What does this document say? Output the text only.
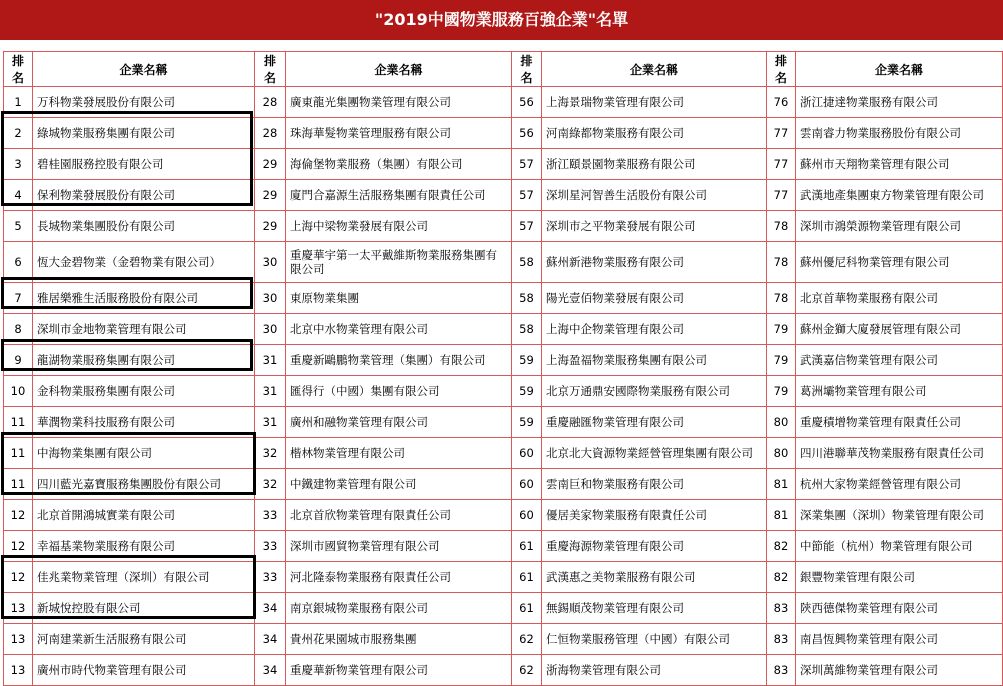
"2019中國物業服務百強企業"名單
排名	企業名稱	排名	企業名稱	排名	企業名稱	排名	企業名稱
1	万科物業發展股份有限公司	28	廣東龍光集團物業管理有限公司	56	上海景瑞物業管理有限公司	76	浙江捷達物業服務有限公司
2	綠城物業服務集團有限公司	28	珠海華髮物業管理服務有限公司	56	河南綠都物業服務有限公司	77	雲南睿力物業服務股份有限公司
3	碧桂園服務控股有限公司	29	海倫堡物業服務（集團）有限公司	57	浙江頤景園物業服務有限公司	77	蘇州市天翔物業管理有限公司
4	保利物業發展股份有限公司	29	廈門合嘉源生活服務集團有限責任公司	57	深圳星河智善生活股份有限公司	77	武漢地產集團東方物業管理有限公司
5	長城物業集團股份有限公司	29	上海中梁物業發展有限公司	57	深圳市之平物業發展有限公司	78	深圳市鴻榮源物業管理有限公司
6	恆大金碧物業（金碧物業有限公司）	30	重慶華宇第一太平戴維斯物業服務集團有限公司	58	蘇州新港物業服務有限公司	78	蘇州優尼科物業管理有限公司
7	雅居樂雅生活服務股份有限公司	30	東原物業集團	58	陽光壹佰物業發展有限公司	78	北京首華物業服務有限公司
8	深圳市金地物業管理有限公司	30	北京中水物業管理有限公司	58	上海中企物業管理有限公司	79	蘇州金獅大廈發展管理有限公司
9	龍湖物業服務集團有限公司	31	重慶新鷗鵬物業管理（集團）有限公司	59	上海盈福物業服務集團有限公司	79	武漢嘉信物業管理有限公司
10	金科物業服務集團有限公司	31	匯得行（中國）集團有限公司	59	北京万通鼎安國際物業服務有限公司	79	葛洲壩物業管理有限公司
11	華潤物業科技服務有限公司	31	廣州和融物業管理有限公司	59	重慶融匯物業管理有限公司	80	重慶積增物業管理有限責任公司
11	中海物業集團有限公司	32	楷林物業管理有限公司	60	北京北大資源物業經營管理集團有限公司	80	四川港聯華茂物業服務有限責任公司
11	四川藍光嘉寶服務集團股份有限公司	32	中鐵建物業管理有限公司	60	雲南巨和物業服務有限公司	81	杭州大家物業經營管理有限公司
12	北京首開鴻城實業有限公司	33	北京首欣物業管理有限責任公司	60	優居美家物業服務有限責任公司	81	深業集團（深圳）物業管理有限公司
12	幸福基業物業服務有限公司	33	深圳市國貿物業管理有限公司	61	重慶海源物業管理有限公司	82	中節能（杭州）物業管理有限公司
12	佳兆業物業管理（深圳）有限公司	33	河北隆泰物業服務有限責任公司	61	武漢惠之美物業服務有限公司	82	銀豐物業管理有限公司
13	新城悅控股有限公司	34	南京銀城物業服務有限公司	61	無錫順茂物業管理有限公司	83	陝西德傑物業管理有限公司
13	河南建業新生活服務有限公司	34	貴州花果園城市服務集團	62	仁恒物業服務管理（中國）有限公司	83	南昌恆興物業管理有限公司
13	廣州市時代物業管理有限公司	34	重慶華新物業管理有限公司	62	浙海物業管理有限公司	83	深圳萬維物業管理有限公司
